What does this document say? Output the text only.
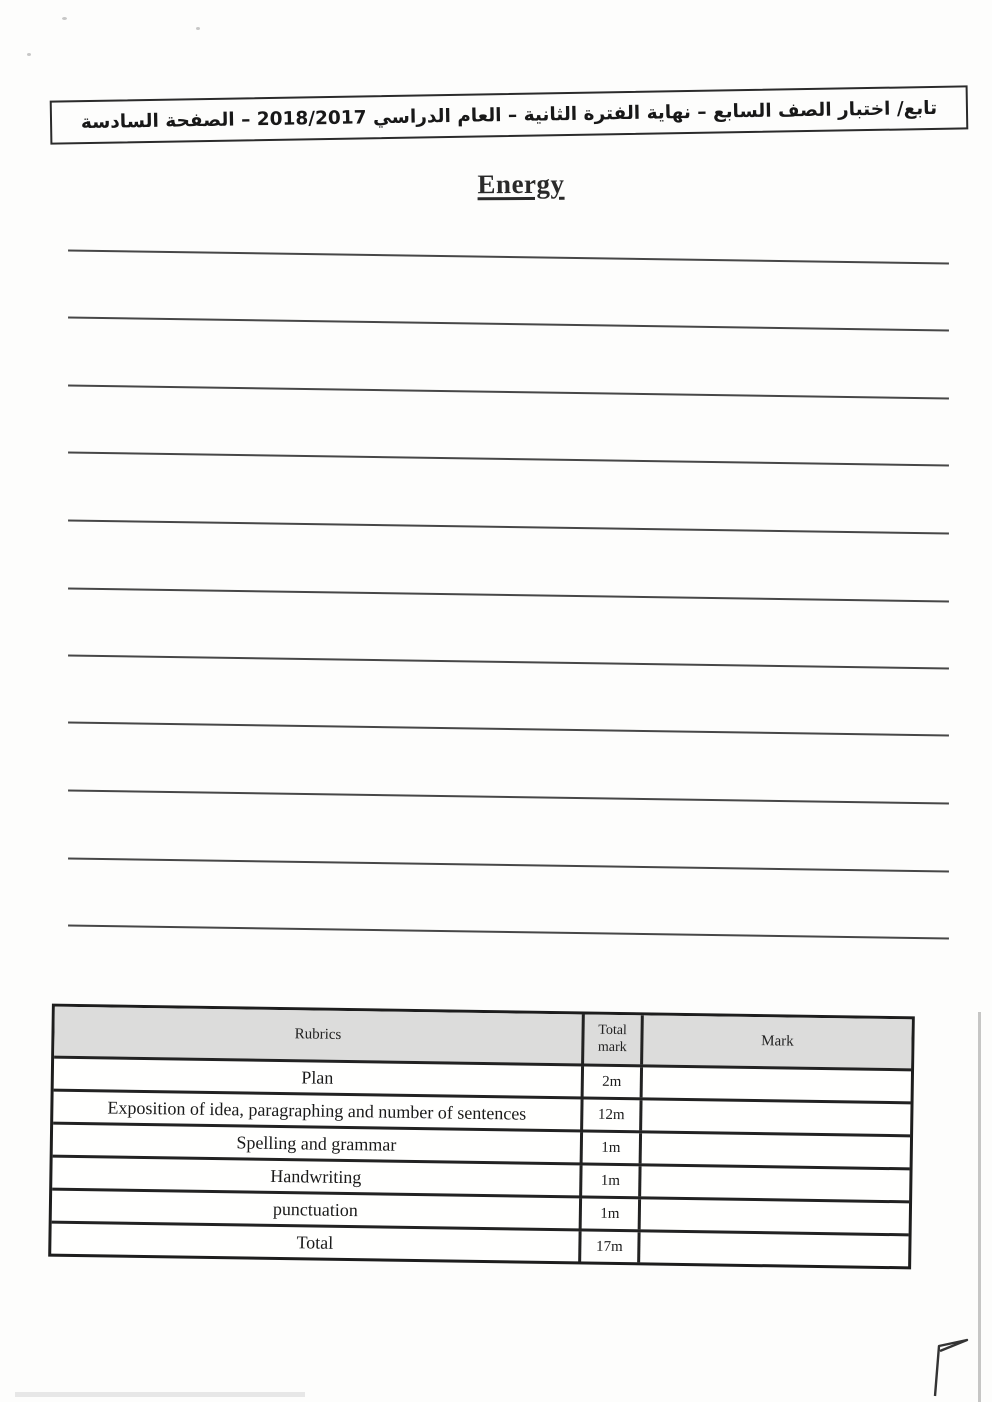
تابع/ اختبار الصف السابع – نهاية الفترة الثانية – العام الدراسي 2018/2017 – الصفحة السادسة
Energy
Rubrics	Total mark	Mark
Plan	2m
Exposition of idea, paragraphing and number of sentences	12m
Spelling and grammar	1m
Handwriting	1m
punctuation	1m
Total	17m
